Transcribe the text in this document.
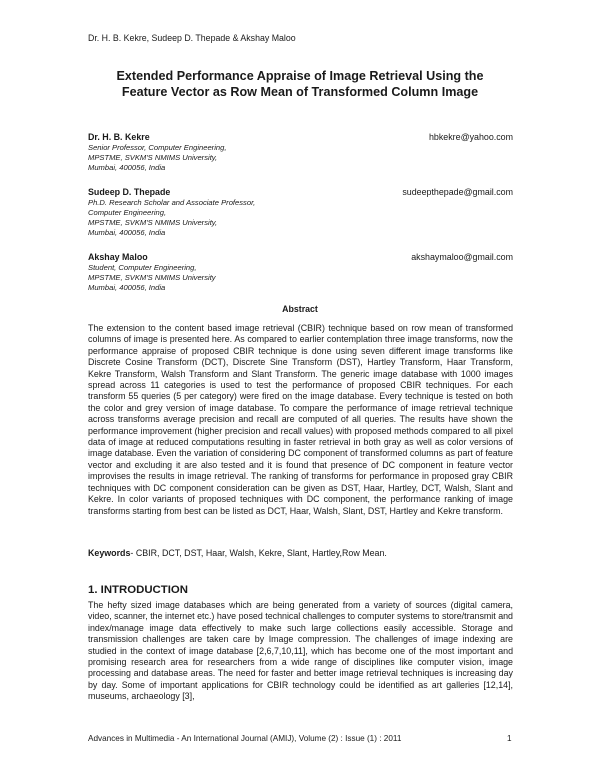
Dr. H. B. Kekre, Sudeep D. Thepade & Akshay Maloo
Extended Performance Appraise of Image Retrieval Using the
Feature Vector as Row Mean of Transformed Column Image
Dr. H. B. Kekre	hbkekre@yahoo.com
Senior Professor, Computer Engineering,
MPSTME, SVKM'S NMIMS University,
Mumbai, 400056, India
Sudeep D. Thepade	sudeepthepade@gmail.com
Ph.D. Research Scholar and Associate Professor,
Computer Engineering,
MPSTME, SVKM'S NMIMS University,
Mumbai, 400056, India
Akshay Maloo	akshaymaloo@gmail.com
Student, Computer Engineering,
MPSTME, SVKM'S NMIMS University
Mumbai, 400056, India
Abstract
The extension to the content based image retrieval (CBIR) technique based on row mean of transformed columns of image is presented here. As compared to earlier contemplation three image transforms, now the performance appraise of proposed CBIR technique is done using seven different image transforms like Discrete Cosine Transform (DCT), Discrete Sine Transform (DST), Hartley Transform, Haar Transform, Kekre Transform, Walsh Transform and Slant Transform. The generic image database with 1000 images spread across 11 categories is used to test the performance of proposed CBIR techniques. For each transform 55 queries (5 per category) were fired on the image database. Every technique is tested on both the color and grey version of image database. To compare the performance of image retrieval technique across transforms average precision and recall are computed of all queries. The results have shown the performance improvement (higher precision and recall values) with proposed methods compared to all pixel data of image at reduced computations resulting in faster retrieval in both gray as well as color versions of image database. Even the variation of considering DC component of transformed columns as part of feature vector and excluding it are also tested and it is found that presence of DC component in feature vector improvises the results in image retrieval. The ranking of transforms for performance in proposed gray CBIR techniques with DC component consideration can be given as DST, Haar, Hartley, DCT, Walsh, Slant and Kekre. In color variants of proposed techniques with DC component, the performance ranking of image transforms starting from best can be listed as DCT, Haar, Walsh, Slant, DST, Hartley and Kekre transform.
Keywords- CBIR, DCT, DST, Haar, Walsh, Kekre, Slant, Hartley,Row Mean.
1. INTRODUCTION
The hefty sized image databases which are being generated from a variety of sources (digital camera, video, scanner, the internet etc.) have posed technical challenges to computer systems to store/transmit and index/manage image data effectively to make such large collections easily accessible. Storage and transmission challenges are taken care by Image compression. The challenges of image indexing are studied in the context of image database [2,6,7,10,11], which has become one of the most important and promising research area for researchers from a wide range of disciplines like computer vision, image processing and database areas. The need for faster and better image retrieval techniques is increasing day by day. Some of important applications for CBIR technology could be identified as art galleries [12,14], museums, archaeology [3],
Advances in Multimedia - An International Journal (AMIJ), Volume (2) : Issue (1) : 2011	1
